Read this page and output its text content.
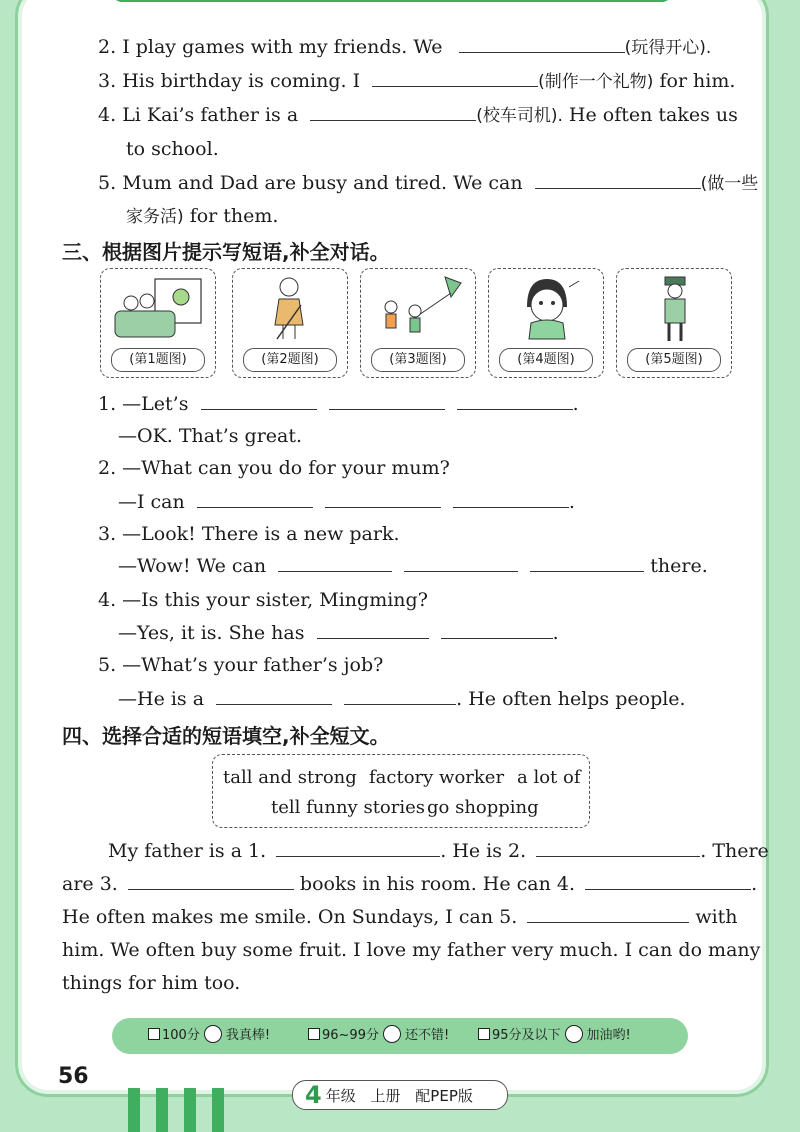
2. I play games with my friends. We	(玩得开心).
3. His birthday is coming. I	(制作一个礼物) for him.
4. Li Kai’s father is a	(校车司机). He often takes us
to school.
5. Mum and Dad are busy and tired. We can	(做一些
家务活) for them.
三、根据图片提示写短语,补全对话。
(第1题图)	(第2题图)	(第3题图)	(第4题图)	(第5题图)
1. —Let’s	.
—OK. That’s great.
2. —What can you do for your mum?
—I can	.
3. —Look! There is a new park.
—Wow! We can	there.
4. —Is this your sister, Mingming?
—Yes, it is. She has	.
5. —What’s your father’s job?
—He is a	. He often helps people.
四、选择合适的短语填空,补全短文。
tall and strong factory worker a lot of
tell funny stories go shopping
My father is a 1.	. He is 2.	. There
are 3.	books in his room. He can 4.	.
He often makes me smile. On Sundays, I can 5.	with
him. We often buy some fruit. I love my father very much. I can do many
things for him too.
100分 我真棒!	96~99分 还不错!	95分及以下 加油哟!
56
4 年级 上册 配PEP版
